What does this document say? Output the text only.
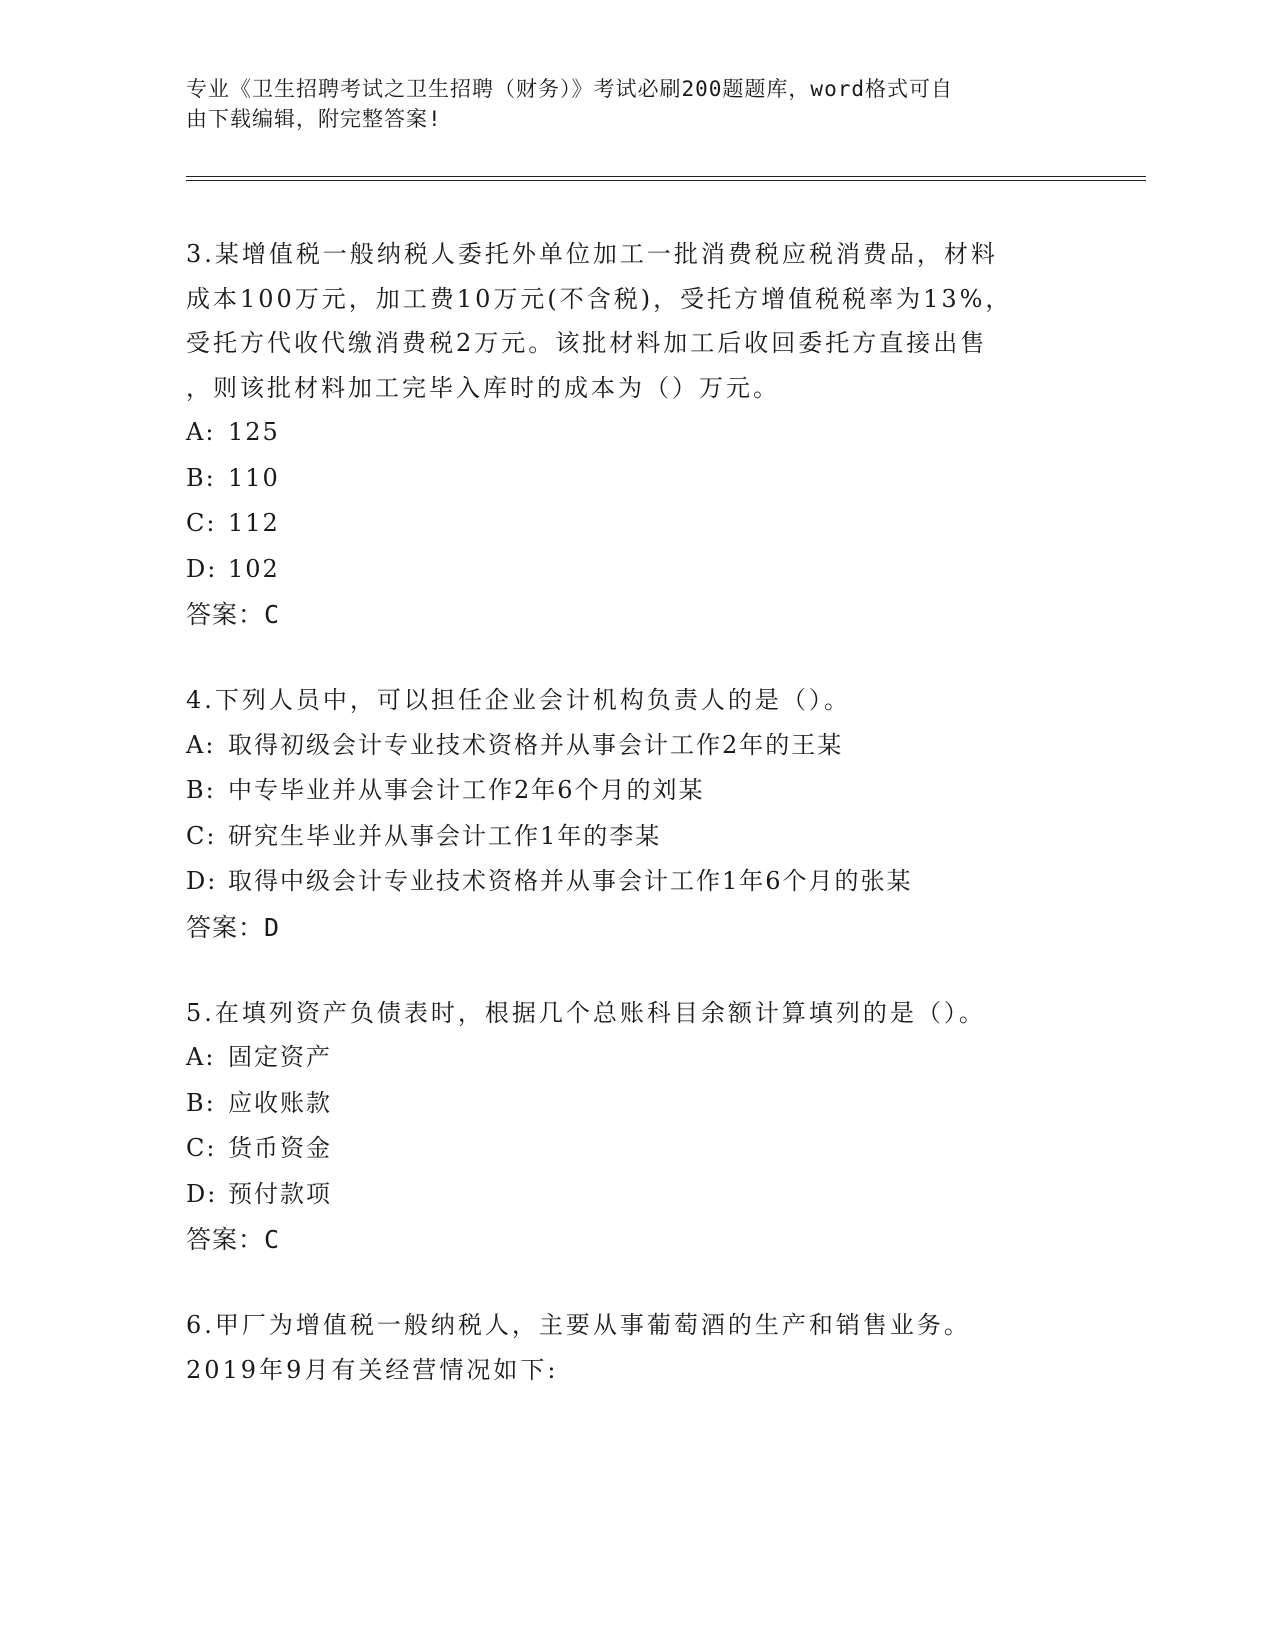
专业《卫生招聘考试之卫生招聘（财务）》考试必刷200题题库，word格式可自
由下载编辑，附完整答案!
3.某增值税一般纳税人委托外单位加工一批消费税应税消费品，材料
成本100万元，加工费10万元(不含税)，受托方增值税税率为13%，
受托方代收代缴消费税2万元。该批材料加工后收回委托方直接出售
，则该批材料加工完毕入库时的成本为（）万元。
A: 125
B: 110
C: 112
D: 102
答案：C
4.下列人员中，可以担任企业会计机构负责人的是（）。
A: 取得初级会计专业技术资格并从事会计工作2年的王某
B: 中专毕业并从事会计工作2年6个月的刘某
C: 研究生毕业并从事会计工作1年的李某
D: 取得中级会计专业技术资格并从事会计工作1年6个月的张某
答案：D
5.在填列资产负债表时，根据几个总账科目余额计算填列的是（）。
A: 固定资产
B: 应收账款
C: 货币资金
D: 预付款项
答案：C
6.甲厂为增值税一般纳税人，主要从事葡萄酒的生产和销售业务。
2019年9月有关经营情况如下:
